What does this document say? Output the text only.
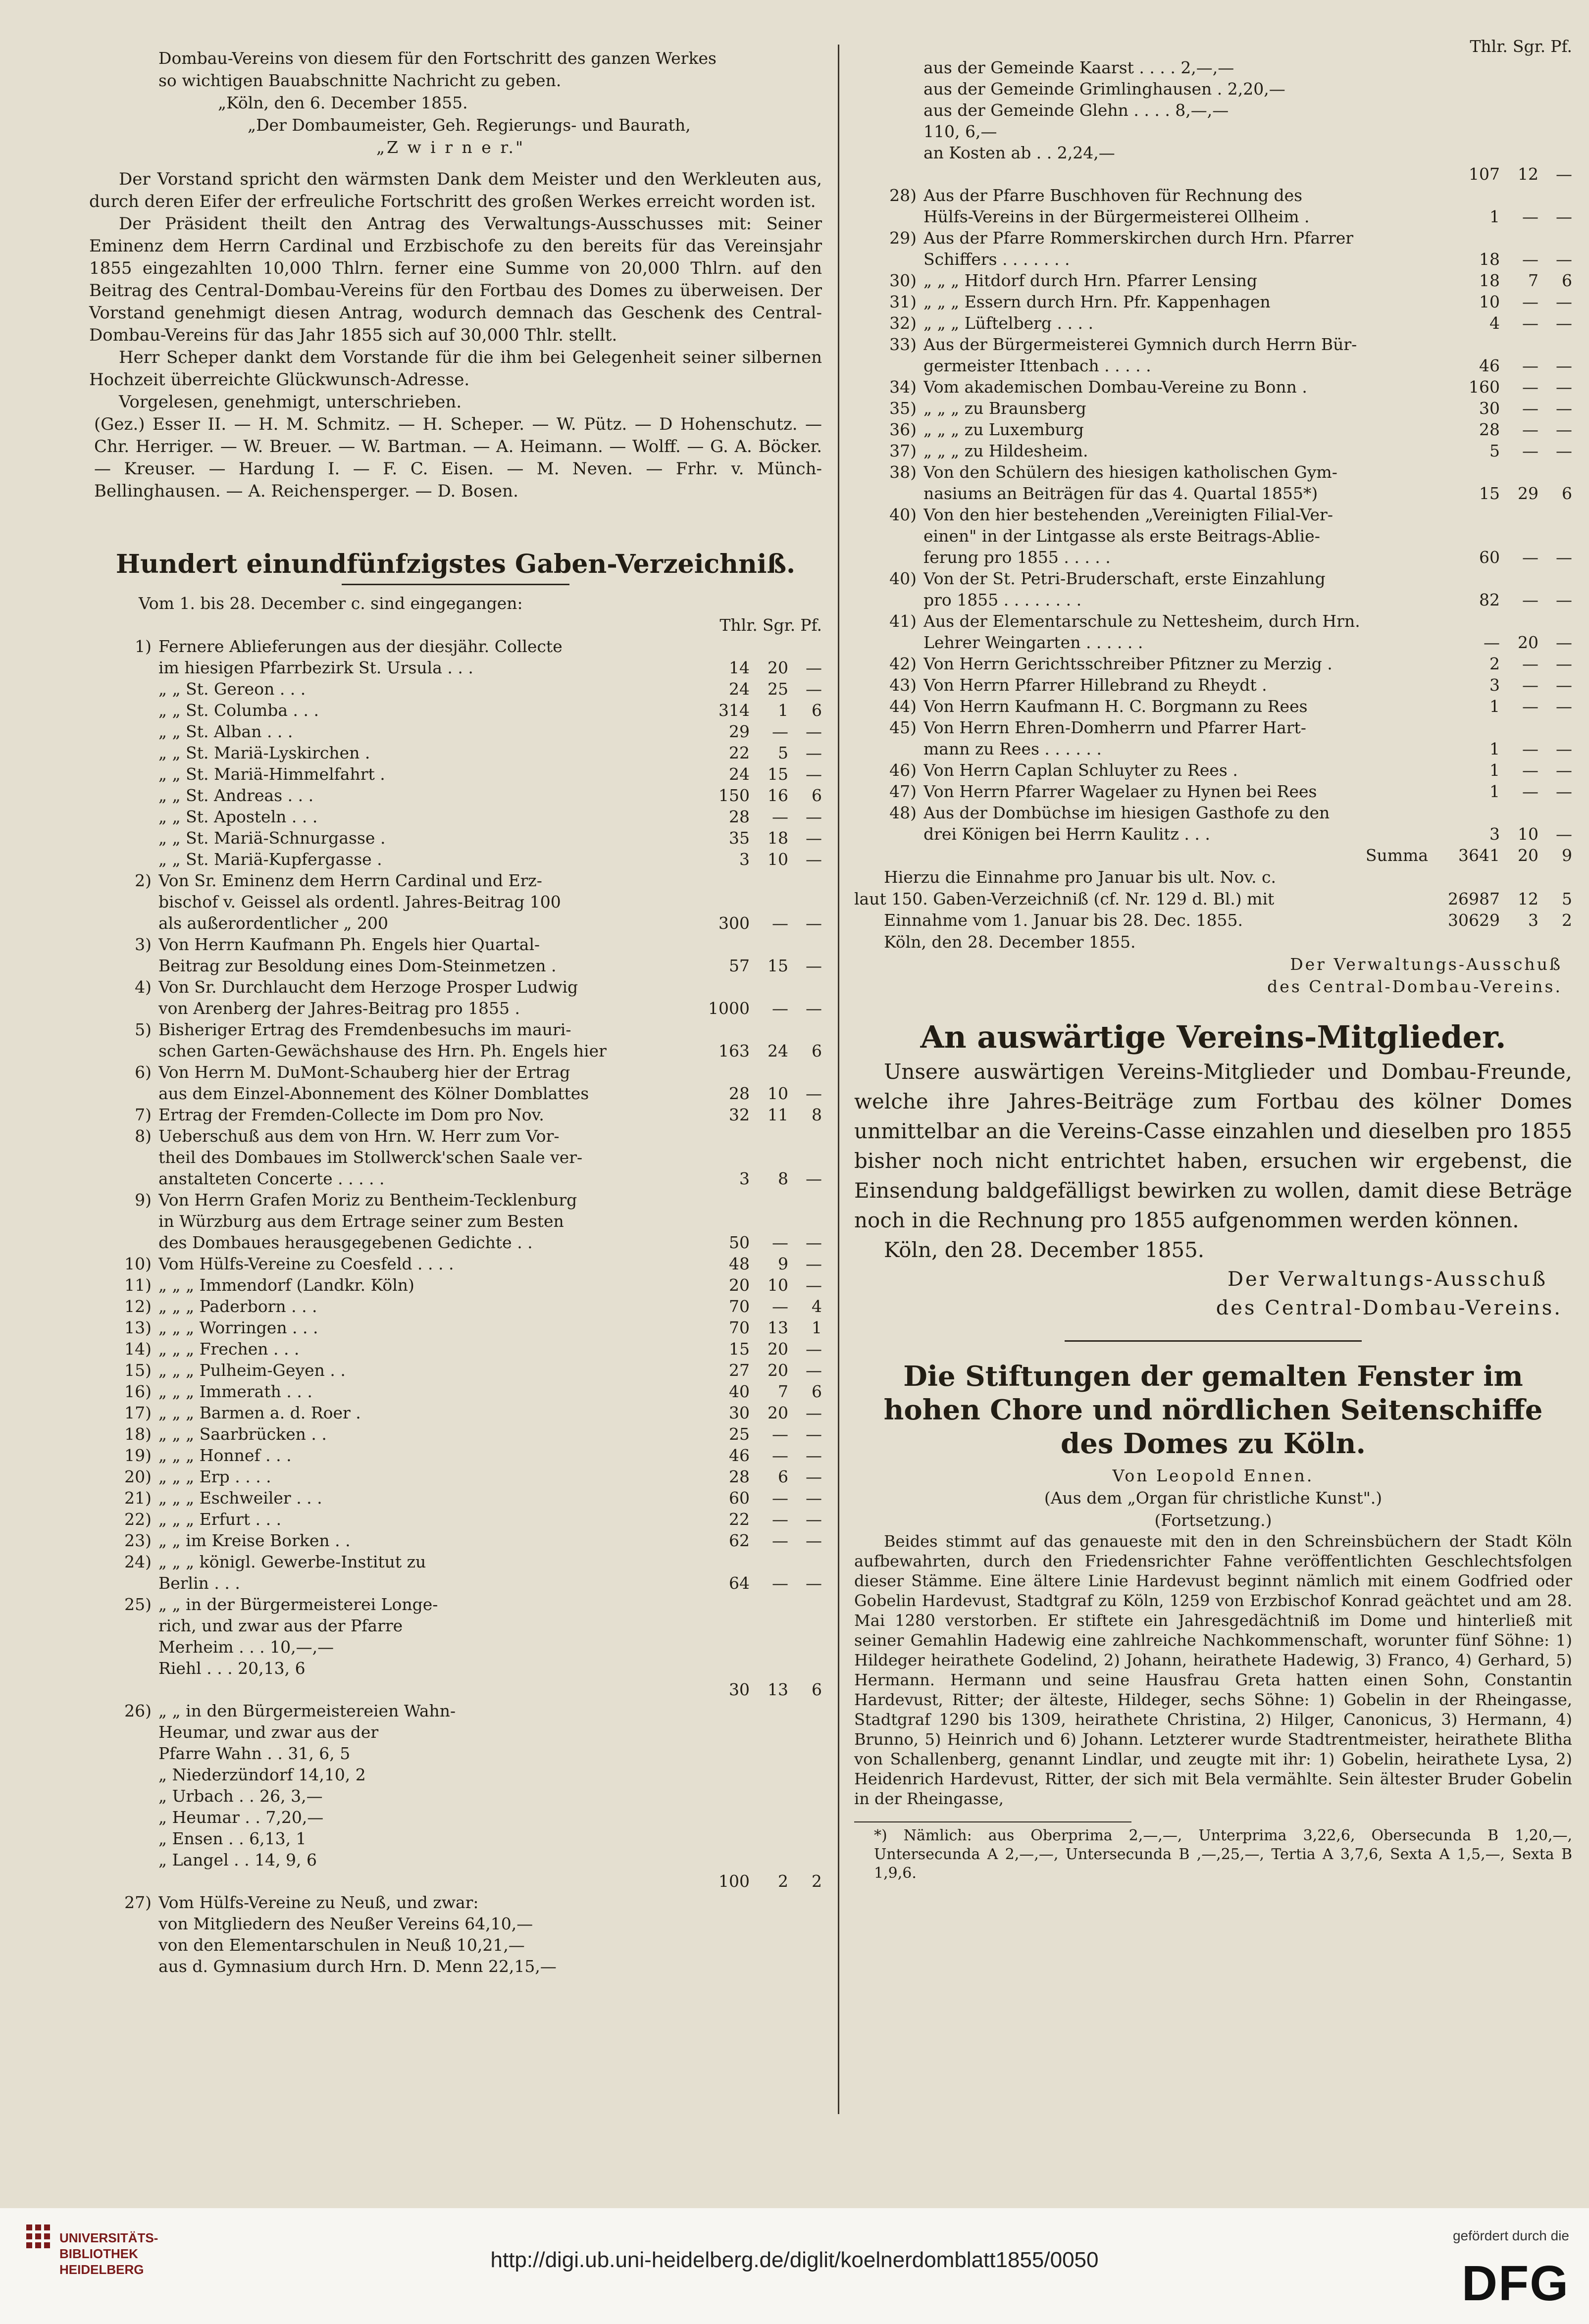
Dombau-Vereins von diesem für den Fortschritt des ganzen Werkes

so wichtigen Bauabschnitte Nachricht zu geben.

„Köln, den 6. December 1855.

„Der Dombaumeister, Geh. Regierungs- und Baurath,

„Z w i r n e r."

Der Vorstand spricht den wärmsten Dank dem Meister und den Werkleuten aus, durch deren Eifer der erfreuliche Fortschritt des großen Werkes erreicht worden ist.

Der Präsident theilt den Antrag des Verwaltungs-Ausschusses mit: Seiner Eminenz dem Herrn Cardinal und Erzbischofe zu den bereits für das Vereinsjahr 1855 eingezahlten 10,000 Thlrn. ferner eine Summe von 20,000 Thlrn. auf den Beitrag des Central-Dombau-Vereins für den Fortbau des Domes zu überweisen. Der Vorstand genehmigt diesen Antrag, wodurch demnach das Geschenk des Central-Dombau-Vereins für das Jahr 1855 sich auf 30,000 Thlr. stellt.

Herr Scheper dankt dem Vorstande für die ihm bei Gelegenheit seiner silbernen Hochzeit überreichte Glückwunsch-Adresse.

Vorgelesen, genehmigt, unterschrieben.

(Gez.) Esser II. — H. M. Schmitz. — H. Scheper. — W. Pütz. — D Hohenschutz. — Chr. Herriger. — W. Breuer. — W. Bartman. — A. Heimann. — Wolff. — G. A. Böcker. — Kreuser. — Hardung I. — F. C. Eisen. — M. Neven. — Frhr. v. Münch-Bellinghausen. — A. Reichensperger. — D. Bosen.

Hundert einundfünfzigstes Gaben-Verzeichniß.

Vom 1. bis 28. December c. sind eingegangen:

Thlr. Sgr. Pf.
1) Fernere Ablieferungen aus der diesjähr. Collecte
im hiesigen Pfarrbezirk St. Ursula . . .	14	20	—
„ „ St. Gereon . . .	24	25	—
„ „ St. Columba . . .	314	1	6
„ „ St. Alban . . .	29	—	—
„ „ St. Mariä-Lyskirchen .	22	5	—
„ „ St. Mariä-Himmelfahrt .	24	15	—
„ „ St. Andreas . . .	150	16	6
„ „ St. Aposteln . . .	28	—	—
„ „ St. Mariä-Schnurgasse .	35	18	—
„ „ St. Mariä-Kupfergasse .	3	10	—
2) Von Sr. Eminenz dem Herrn Cardinal und Erz-
bischof v. Geissel als ordentl. Jahres-Beitrag 100
als außerordentlicher „ 200	300	—	—
3) Von Herrn Kaufmann Ph. Engels hier Quartal-
Beitrag zur Besoldung eines Dom-Steinmetzen .	57	15	—
4) Von Sr. Durchlaucht dem Herzoge Prosper Ludwig
von Arenberg der Jahres-Beitrag pro 1855 .	1000	—	—
5) Bisheriger Ertrag des Fremdenbesuchs im mauri-
schen Garten-Gewächshause des Hrn. Ph. Engels hier	163	24	6
6) Von Herrn M. DuMont-Schauberg hier der Ertrag
aus dem Einzel-Abonnement des Kölner Domblattes	28	10	—
7) Ertrag der Fremden-Collecte im Dom pro Nov.	32	11	8
8) Ueberschuß aus dem von Hrn. W. Herr zum Vor-
theil des Dombaues im Stollwerck'schen Saale ver-
anstalteten Concerte . . . . .	3	8	—
9) Von Herrn Grafen Moriz zu Bentheim-Tecklenburg
in Würzburg aus dem Ertrage seiner zum Besten
des Dombaues herausgegebenen Gedichte . .	50	—	—
10) Vom Hülfs-Vereine zu Coesfeld . . . .	48	9	—
11) „ „ „ Immendorf (Landkr. Köln)	20	10	—
12) „ „ „ Paderborn . . .	70	—	4
13) „ „ „ Worringen . . .	70	13	1
14) „ „ „ Frechen . . .	15	20	—
15) „ „ „ Pulheim-Geyen . .	27	20	—
16) „ „ „ Immerath . . .	40	7	6
17) „ „ „ Barmen a. d. Roer .	30	20	—
18) „ „ „ Saarbrücken . .	25	—	—
19) „ „ „ Honnef . . .	46	—	—
20) „ „ „ Erp . . . .	28	6	—
21) „ „ „ Eschweiler . . .	60	—	—
22) „ „ „ Erfurt . . .	22	—	—
23) „ „ im Kreise Borken . .	62	—	—
24) „ „ „ königl. Gewerbe-Institut zu
Berlin . . .	64	—	—
25) „ „ in der Bürgermeisterei Longe-
rich, und zwar aus der Pfarre
Merheim . . . 10,—,—
Riehl . . . 20,13, 6
30	13	6
26) „ „ in den Bürgermeistereien Wahn-
Heumar, und zwar aus der
Pfarre Wahn . . 31, 6, 5
„ Niederzündorf 14,10, 2
„ Urbach . . 26, 3,—
„ Heumar . . 7,20,—
„ Ensen . . 6,13, 1
„ Langel . . 14, 9, 6
100	2	2
27) Vom Hülfs-Vereine zu Neuß, und zwar:
von Mitgliedern des Neußer Vereins 64,10,—
von den Elementarschulen in Neuß 10,21,—
aus d. Gymnasium durch Hrn. D. Menn 22,15,—
Thlr. Sgr. Pf.
aus der Gemeinde Kaarst . . . . 2,—,—
aus der Gemeinde Grimlinghausen . 2,20,—
aus der Gemeinde Glehn . . . . 8,—,—
110, 6,—
an Kosten ab . . 2,24,—
107	12	—
28) Aus der Pfarre Buschhoven für Rechnung des
Hülfs-Vereins in der Bürgermeisterei Ollheim .	1	—	—
29) Aus der Pfarre Rommerskirchen durch Hrn. Pfarrer
Schiffers . . . . . . .	18	—	—
30) „ „ „ Hitdorf durch Hrn. Pfarrer Lensing	18	7	6
31) „ „ „ Essern durch Hrn. Pfr. Kappenhagen	10	—	—
32) „ „ „ Lüftelberg . . . .	4	—	—
33) Aus der Bürgermeisterei Gymnich durch Herrn Bür-
germeister Ittenbach . . . . .	46	—	—
34) Vom akademischen Dombau-Vereine zu Bonn .	160	—	—
35) „ „ „ zu Braunsberg	30	—	—
36) „ „ „ zu Luxemburg	28	—	—
37) „ „ „ zu Hildesheim.	5	—	—
38) Von den Schülern des hiesigen katholischen Gym-
nasiums an Beiträgen für das 4. Quartal 1855*)	15	29	6
40) Von den hier bestehenden „Vereinigten Filial-Ver-
einen" in der Lintgasse als erste Beitrags-Ablie-
ferung pro 1855 . . . . .	60	—	—
40) Von der St. Petri-Bruderschaft, erste Einzahlung
pro 1855 . . . . . . . .	82	—	—
41) Aus der Elementarschule zu Nettesheim, durch Hrn.
Lehrer Weingarten . . . . . .	—	20	—
42) Von Herrn Gerichtsschreiber Pfitzner zu Merzig .	2	—	—
43) Von Herrn Pfarrer Hillebrand zu Rheydt .	3	—	—
44) Von Herrn Kaufmann H. C. Borgmann zu Rees	1	—	—
45) Von Herrn Ehren-Domherrn und Pfarrer Hart-
mann zu Rees . . . . . .	1	—	—
46) Von Herrn Caplan Schluyter zu Rees .	1	—	—
47) Von Herrn Pfarrer Wagelaer zu Hynen bei Rees	1	—	—
48) Aus der Dombüchse im hiesigen Gasthofe zu den
drei Königen bei Herrn Kaulitz . . .	3	10	—
Summa	3641	20	9

Hierzu die Einnahme pro Januar bis ult. Nov. c.

laut 150. Gaben-Verzeichniß (cf. Nr. 129 d. Bl.) mit	26987	12	5
Einnahme vom 1. Januar bis 28. Dec. 1855.	30629	3	2

Köln, den 28. December 1855.

Der Verwaltungs-Ausschuß

des Central-Dombau-Vereins.

An auswärtige Vereins-Mitglieder.

Unsere auswärtigen Vereins-Mitglieder und Dombau-Freunde, welche ihre Jahres-Beiträge zum Fortbau des kölner Domes unmittelbar an die Vereins-Casse einzahlen und dieselben pro 1855 bisher noch nicht entrichtet haben, ersuchen wir ergebenst, die Einsendung baldgefälligst bewirken zu wollen, damit diese Beträge noch in die Rechnung pro 1855 aufgenommen werden können.

Köln, den 28. December 1855.

Der Verwaltungs-Ausschuß

des Central-Dombau-Vereins.

Die Stiftungen der gemalten Fenster im hohen Chore und nördlichen Seitenschiffe des Domes zu Köln.

Von Leopold Ennen.

(Aus dem „Organ für christliche Kunst".)

(Fortsetzung.)

Beides stimmt auf das genaueste mit den in den Schreinsbüchern der Stadt Köln aufbewahrten, durch den Friedensrichter Fahne veröffentlichten Geschlechtsfolgen dieser Stämme. Eine ältere Linie Hardevust beginnt nämlich mit einem Godfried oder Gobelin Hardevust, Stadtgraf zu Köln, 1259 von Erzbischof Konrad geächtet und am 28. Mai 1280 verstorben. Er stiftete ein Jahresgedächtniß im Dome und hinterließ mit seiner Gemahlin Hadewig eine zahlreiche Nachkommenschaft, worunter fünf Söhne: 1) Hildeger heirathete Godelind, 2) Johann, heirathete Hadewig, 3) Franco, 4) Gerhard, 5) Hermann. Hermann und seine Hausfrau Greta hatten einen Sohn, Constantin Hardevust, Ritter; der älteste, Hildeger, sechs Söhne: 1) Gobelin in der Rheingasse, Stadtgraf 1290 bis 1309, heirathete Christina, 2) Hilger, Canonicus, 3) Hermann, 4) Brunno, 5) Heinrich und 6) Johann. Letzterer wurde Stadtrentmeister, heirathete Blitha von Schallenberg, genannt Lindlar, und zeugte mit ihr: 1) Gobelin, heirathete Lysa, 2) Heidenrich Hardevust, Ritter, der sich mit Bela vermählte. Sein ältester Bruder Gobelin in der Rheingasse,

*) Nämlich: aus Oberprima 2,—,—, Unterprima 3,22,6, Obersecunda B 1,20,—, Untersecunda A 2,—,—, Untersecunda B ,—,25,—, Tertia A 3,7,6, Sexta A 1,5,—, Sexta B 1,9,6.

UNIVERSITÄTS-
BIBLIOTHEK
HEIDELBERG	http://digi.ub.uni-heidelberg.de/diglit/koelnerdomblatt1855/0050
gefördert durch die
DFG
